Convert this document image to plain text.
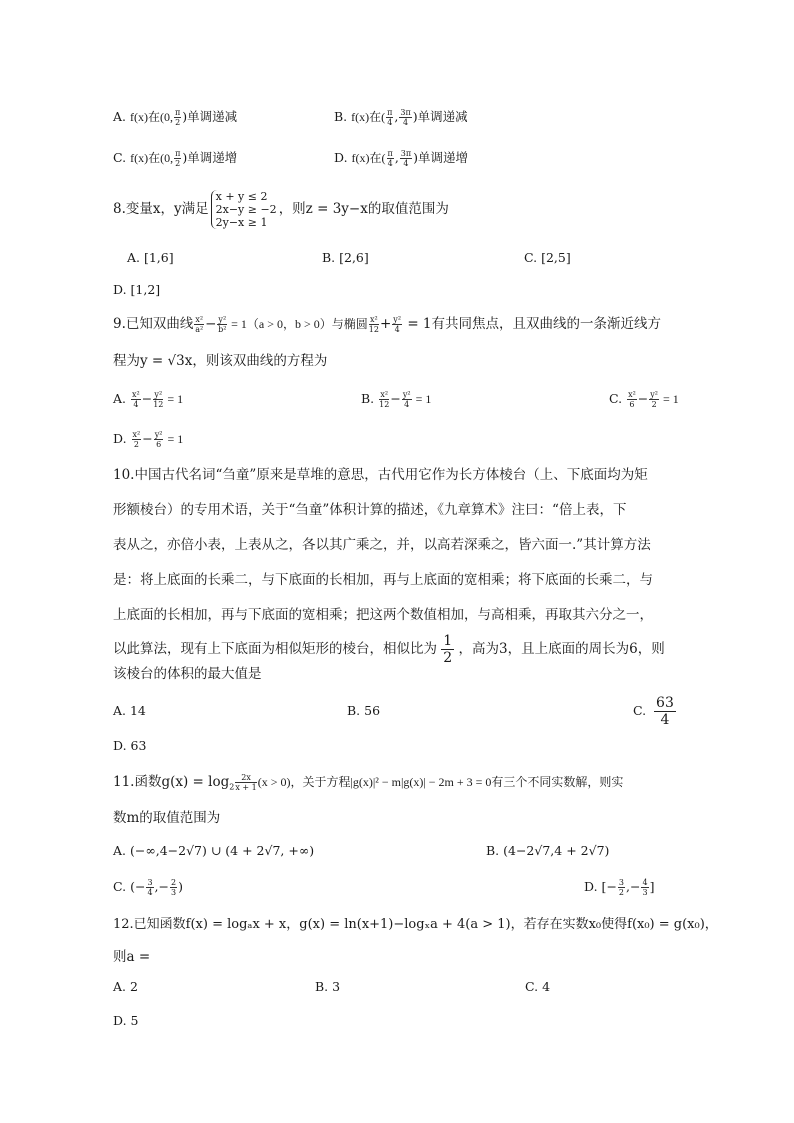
A. f(x)在(0, $\frac{\pi}{2}$ )单调递减	B. f(x)在( $\frac{\pi}{4}$ , $\frac{3\pi}{4}$ )单调递减
C. f(x)在(0, $\frac{\pi}{2}$ )单调递增	D. f(x)在( $\frac{\pi}{4}$ , $\frac{3\pi}{4}$ )单调递增
8.变量x，y满足
x + y ≤ 2
2x−y ≥ −2
2y−x ≥ 1
，则z = 3y−x的取值范围为
A. [1,6]	B. [2,6]	C. [2,5]
D. [1,2]
9.已知双曲线 $\frac{\text{x²}}{\text{a²}} - \frac{\text{y²}}{\text{b²}} = 1(a > 0$，b > 0）与椭圆 $\frac{\text{x²}}{12} + \frac{\text{y²}}{4} = 1$有共同焦点，且双曲线的一条渐近线方
程为y = √3x，则该双曲线的方程为
A. $\frac{\text{x²}}{4} - \frac{\text{y²}}{12} = 1$	B. $\frac{\text{x²}}{12} - \frac{\text{y²}}{4} = 1$	C. $\frac{\text{x²}}{6} - \frac{\text{y²}}{2} = 1$
D. $\frac{\text{x²}}{2} - \frac{\text{y²}}{6} = 1$
10.中国古代名词“刍童”原来是草堆的意思，古代用它作为长方体棱台（上、下底面均为矩
形额棱台）的专用术语，关于“刍童”体积计算的描述，《九章算术》注曰：“倍上表，下
表从之，亦倍小表，上表从之，各以其广乘之，并，以高若深乘之，皆六面一.”其计算方法
是：将上底面的长乘二，与下底面的长相加，再与上底面的宽相乘；将下底面的长乘二，与
上底面的长相加，再与下底面的宽相乘；把这两个数值相加，与高相乘，再取其六分之一，
以此算法，现有上下底面为相似矩形的棱台，相似比为 $\frac{1}{2}$ ，高为3，且上底面的周长为6，则
该棱台的体积的最大值是
A. 14	B. 56	C. $\frac{63}{4}$
D. 63
11.函数$g(x) = \log_2 \frac{2x}{x + 1} (x > 0)$，关于方程|g(x)|² − m|g(x)| − 2m + 3 = 0有三个不同实数解，则实
数m的取值范围为
A. (−∞,4−2√7) ∪ (4 + 2√7, +∞)	B. (4−2√7,4 + 2√7)
C. (− $\frac{3}{4}$ ,− $\frac{2}{3}$ )	D. [− $\frac{3}{2}$ ,− $\frac{4}{3}$ ]
12.已知函数f(x) = logₐx + x，g(x) = ln(x+1)−logₓa + 4(a > 1)，若存在实数x₀使得f(x₀) = g(x₀)，
则a =
A. 2	B. 3	C. 4
D. 5
